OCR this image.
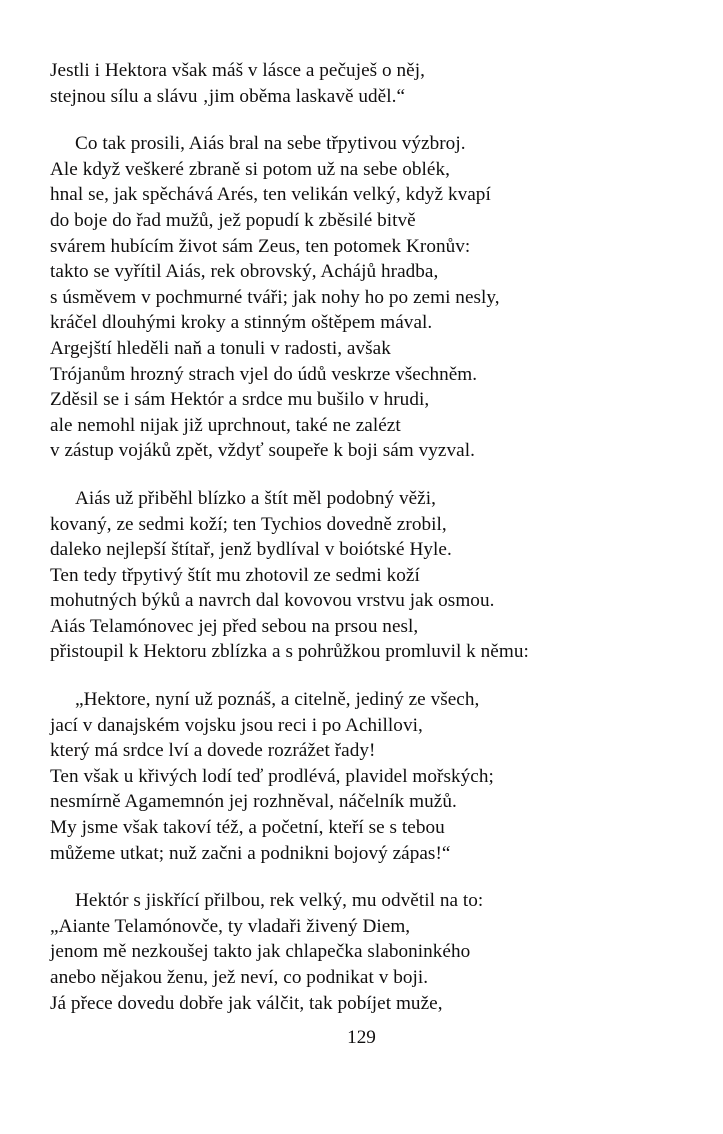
Jestli i Hektora však máš v lásce a pečuješ o něj,
stejnou sílu a slávu ‚jim oběma laskavě uděl.“
Co tak prosili, Aiás bral na sebe třpytivou výzbroj.
Ale když veškeré zbraně si potom už na sebe oblék,
hnal se, jak spěchává Arés, ten velikán velký, když kvapí
do boje do řad mužů, jež popudí k zběsilé bitvě
svárem hubícím život sám Zeus, ten potomek Kronův:
takto se vyřítil Aiás, rek obrovský, Achájů hradba,
s úsměvem v pochmurné tváři; jak nohy ho po zemi nesly,
kráčel dlouhými kroky a stinným oštěpem mával.
Argejští hleděli naň a tonuli v radosti, avšak
Trójanům hrozný strach vjel do údů veskrze všechněm.
Zděsil se i sám Hektór a srdce mu bušilo v hrudi,
ale nemohl nijak již uprchnout, také ne zalézt
v zástup vojáků zpět, vždyť soupeře k boji sám vyzval.
Aiás už přiběhl blízko a štít měl podobný věži,
kovaný, ze sedmi koží; ten Tychios dovedně zrobil,
daleko nejlepší štítař, jenž bydlíval v boiótské Hyle.
Ten tedy třpytivý štít mu zhotovil ze sedmi koží
mohutných býků a navrch dal kovovou vrstvu jak osmou.
Aiás Telamónovec jej před sebou na prsou nesl,
přistoupil k Hektoru zblízka a s pohrůžkou promluvil k němu:
„Hektore, nyní už poznáš, a citelně, jediný ze všech,
jací v danajském vojsku jsou reci i po Achillovi,
který má srdce lví a dovede rozrážet řady!
Ten však u křivých lodí teď prodlévá, plavidel mořských;
nesmírně Agamemnón jej rozhněval, náčelník mužů.
My jsme však takoví též, a početní, kteří se s tebou
můžeme utkat; nuž začni a podnikni bojový zápas!“
Hektór s jiskřící přilbou, rek velký, mu odvětil na to:
„Aiante Telamónovče, ty vladaři živený Diem,
jenom mě nezkoušej takto jak chlapečka slaboninkého
anebo nějakou ženu, jež neví, co podnikat v boji.
Já přece dovedu dobře jak válčit, tak pobíjet muže,
129
